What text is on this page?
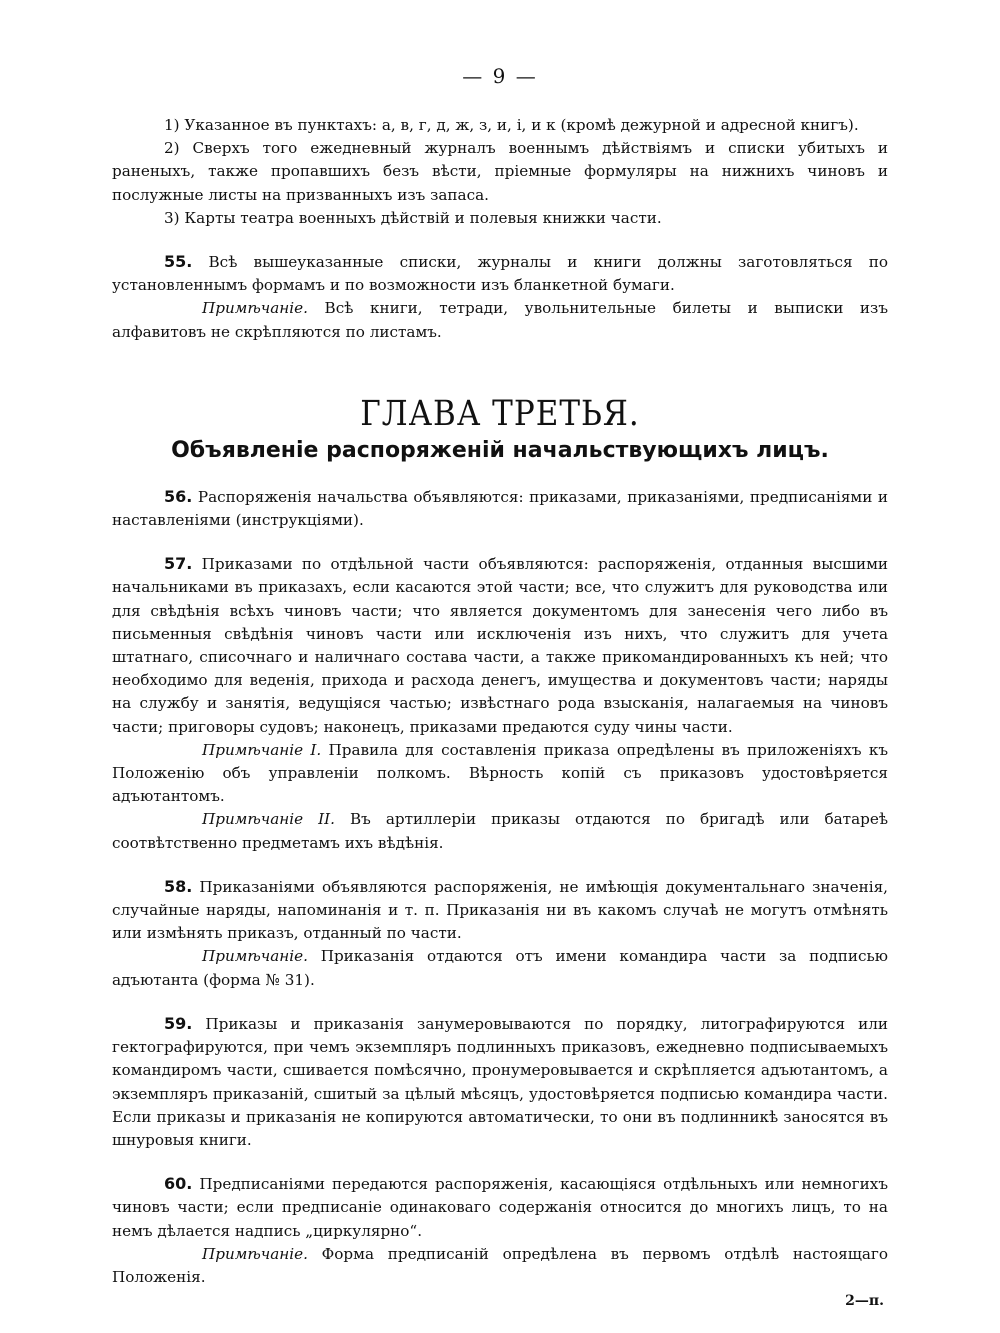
— 9 —

1) Указанное въ пунктахъ: а, в, г, д, ж, з, и, і, и к (кромѣ дежурной и адресной книгъ).

2) Сверхъ того ежедневный журналъ военнымъ дѣйствіямъ и списки убитыхъ и раненыхъ, также пропавшихъ безъ вѣсти, пріемные формуляры на нижнихъ чиновъ и послужные листы на призванныхъ изъ запаса.

3) Карты театра военныхъ дѣйствій и полевыя книжки части.

55. Всѣ вышеуказанные списки, журналы и книги должны заготовляться по установленнымъ формамъ и по возможности изъ бланкетной бумаги.

Примѣчаніе. Всѣ книги, тетради, увольнительные билеты и выписки изъ алфавитовъ не скрѣпляются по листамъ.

ГЛАВА ТРЕТЬЯ.
Объявленіе распоряженій начальствующихъ лицъ.

56. Распоряженія начальства объявляются: приказами, приказаніями, предписаніями и наставленіями (инструкціями).

57. Приказами по отдѣльной части объявляются: распоряженія, отданныя высшими начальниками въ приказахъ, если касаются этой части; все, что служитъ для руководства или для свѣдѣнія всѣхъ чиновъ части; что является документомъ для занесенія чего либо въ письменныя свѣдѣнія чиновъ части или исключенія изъ нихъ, что служитъ для учета штатнаго, списочнаго и наличнаго состава части, а также прикомандированныхъ къ ней; что необходимо для веденія, прихода и расхода денегъ, имущества и документовъ части; наряды на службу и занятія, ведущіяся частью; извѣстнаго рода взысканія, налагаемыя на чиновъ части; приговоры судовъ; наконецъ, приказами предаются суду чины части.

Примѣчаніе I. Правила для составленія приказа опредѣлены въ приложеніяхъ къ Положенію объ управленіи полкомъ. Вѣрность копій съ приказовъ удостовѣряется адъютантомъ.

Примѣчаніе II. Въ артиллеріи приказы отдаются по бригадѣ или батареѣ соотвѣтственно предметамъ ихъ вѣдѣнія.

58. Приказаніями объявляются распоряженія, не имѣющія документальнаго значенія, случайные наряды, напоминанія и т. п. Приказанія ни въ какомъ случаѣ не могутъ отмѣнять или измѣнять приказъ, отданный по части.

Примѣчаніе. Приказанія отдаются отъ имени командира части за подписью адъютанта (форма № 31).

59. Приказы и приказанія занумеровываются по порядку, литографируются или гектографируются, при чемъ экземпляръ подлинныхъ приказовъ, ежедневно подписываемыхъ командиромъ части, сшивается помѣсячно, пронумеровывается и скрѣпляется адъютантомъ, а экземпляръ приказаній, сшитый за цѣлый мѣсяцъ, удостовѣряется подписью командира части. Если приказы и приказанія не копируются автоматически, то они въ подлинникѣ заносятся въ шнуровыя книги.

60. Предписаніями передаются распоряженія, касающіяся отдѣльныхъ или немногихъ чиновъ части; если предписаніе одинаковаго содержанія относится до многихъ лицъ, то на немъ дѣлается надпись „циркулярно“.

Примѣчаніе. Форма предписаній опредѣлена въ первомъ отдѣлѣ настоящаго Положенія.

2—п.
